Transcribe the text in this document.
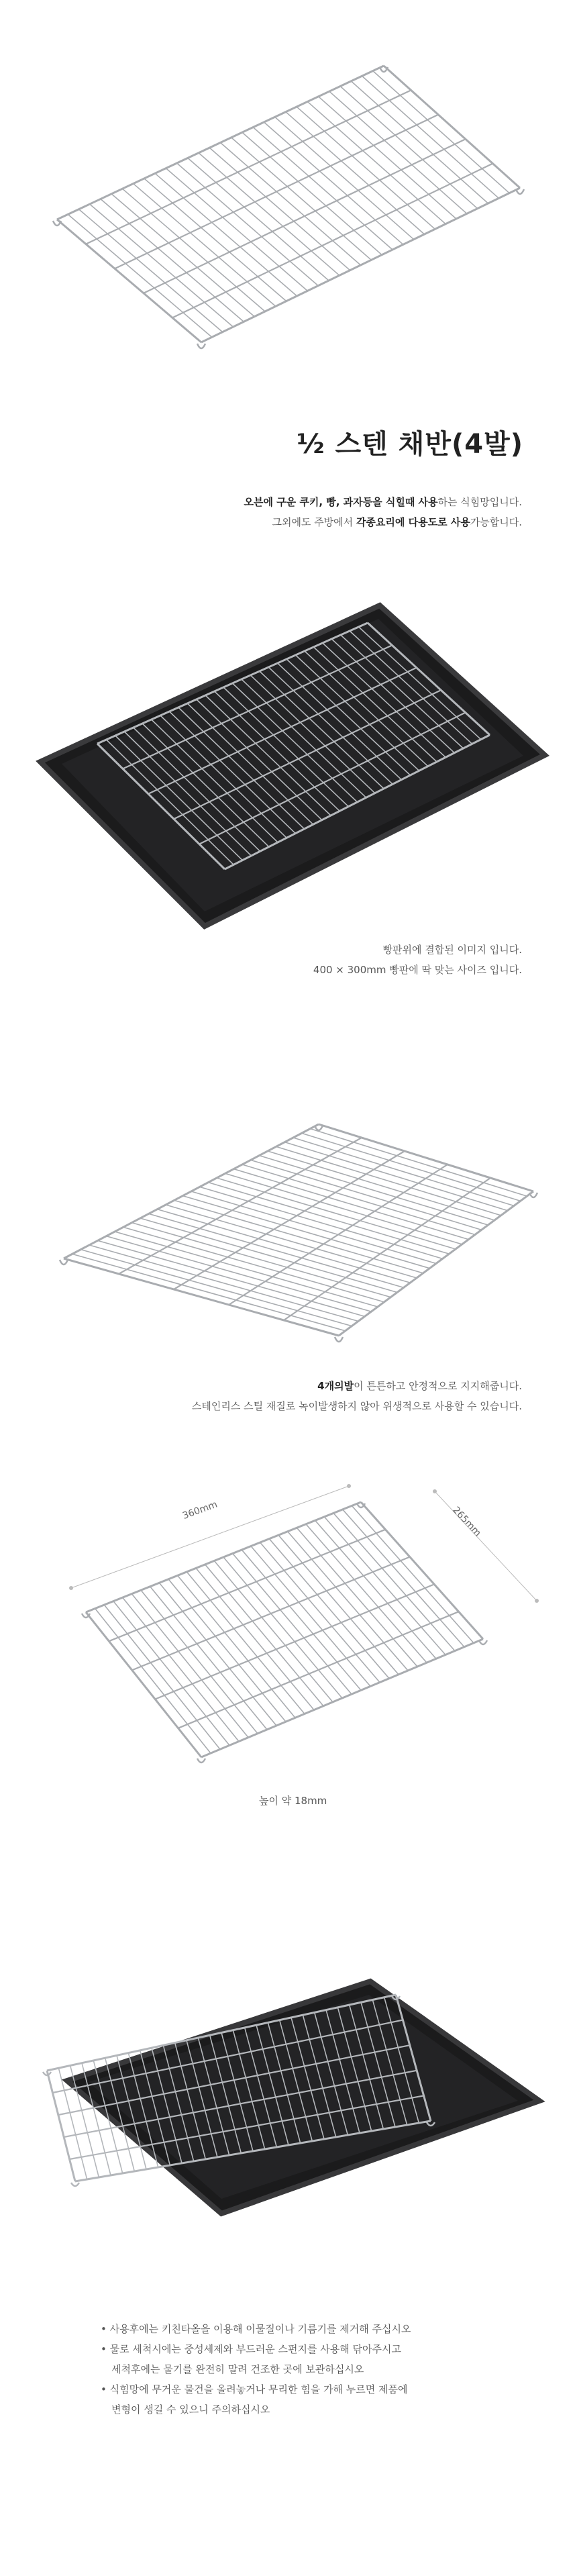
½ 스텐 채반(4발)
오븐에 구운 쿠키, 빵, 과자등을 식힐때 사용하는 식힘망입니다.
그외에도 주방에서 각종요리에 다용도로 사용가능합니다.
빵판위에 결합된 이미지 입니다.
400 × 300mm 빵판에 딱 맞는 사이즈 입니다.
4개의발이 튼튼하고 안정적으로 지지해줍니다.
스테인리스 스틸 재질로 녹이발생하지 않아 위생적으로 사용할 수 있습니다.
360mm	265mm
높이 약 18mm
• 사용후에는 키친타올을 이용해 이물질이나 기름기를 제거해 주십시오
• 물로 세척시에는 중성세제와 부드러운 스펀지를 사용해 닦아주시고
세척후에는 물기를 완전히 말려 건조한 곳에 보관하십시오
• 식힘망에 무거운 물건을 올려놓거나 무리한 힘을 가해 누르면 제품에
변형이 생길 수 있으니 주의하십시오
